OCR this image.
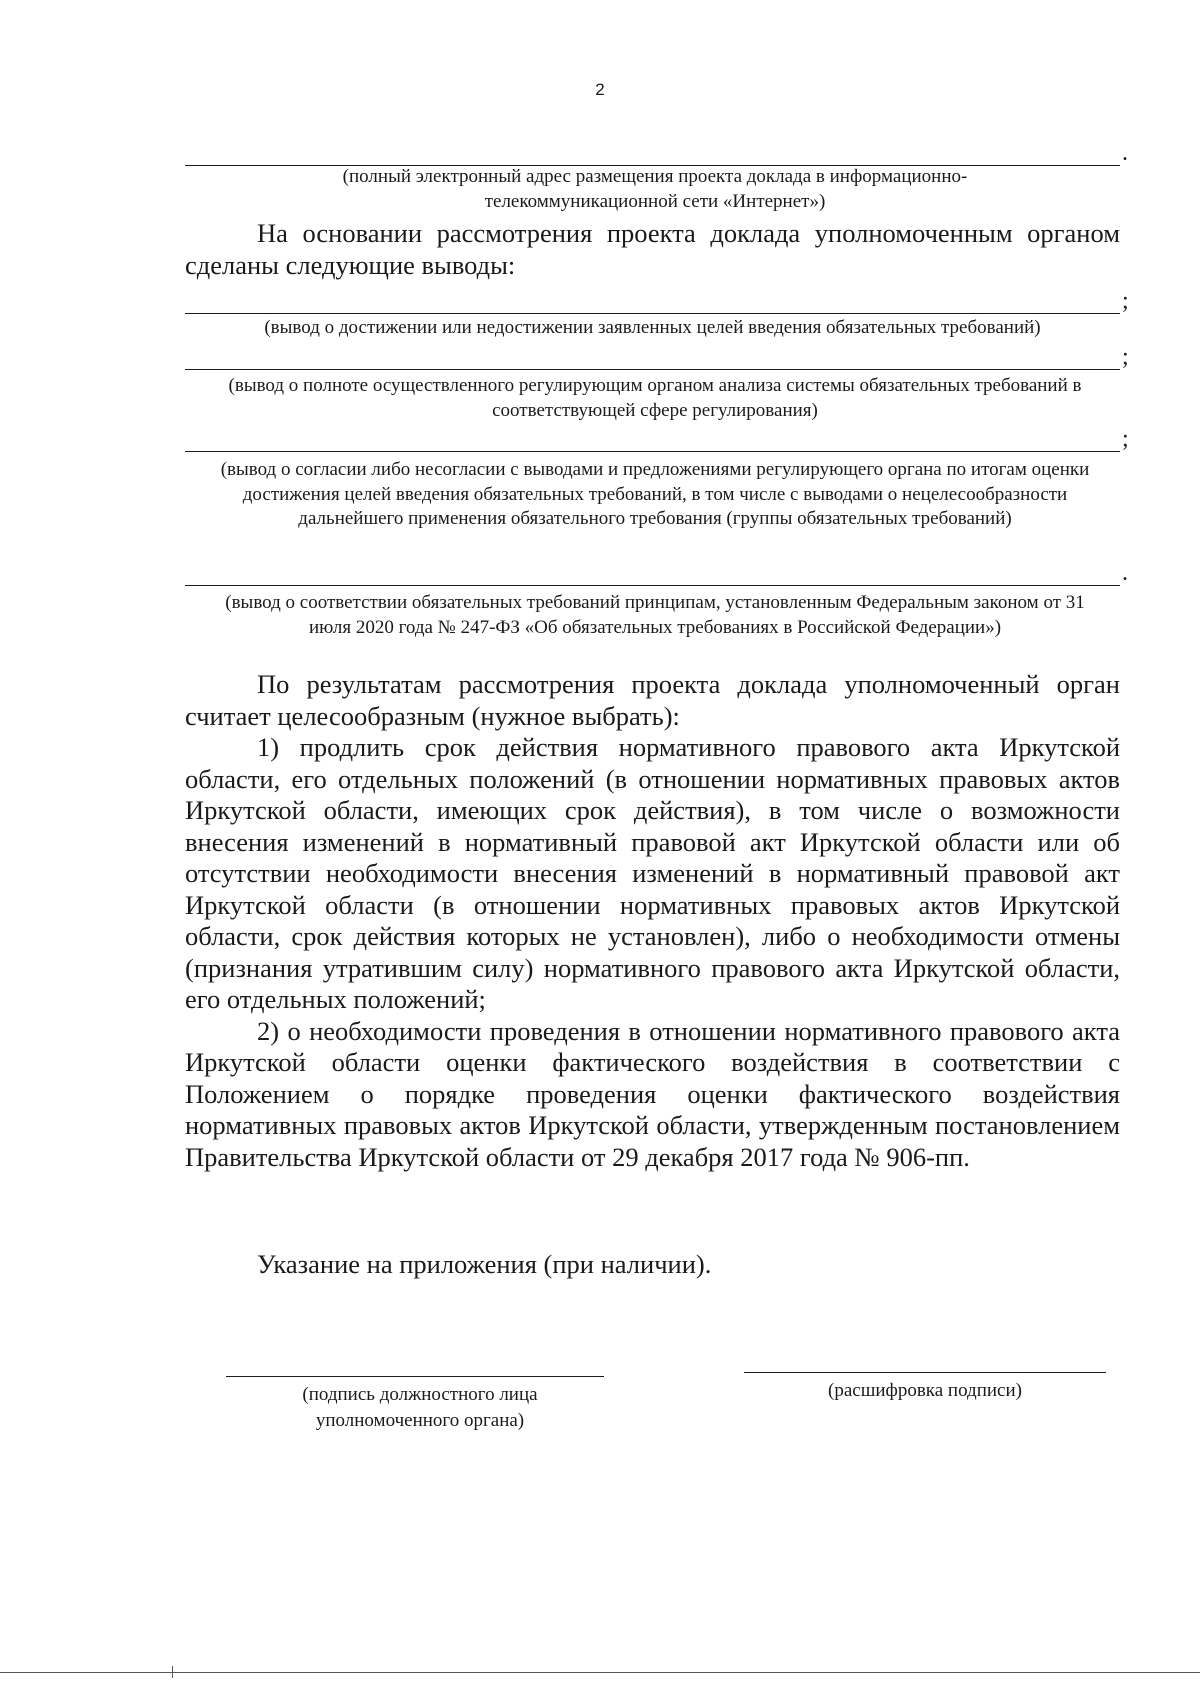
2
.
(полный электронный адрес размещения проекта доклада в информационно-телекоммуникационной сети «Интернет»)

На основании рассмотрения проекта доклада уполномоченным органом сделаны следующие выводы:

;
(вывод о достижении или недостижении заявленных целей введения обязательных требований)
;
(вывод о полноте осуществленного регулирующим органом анализа системы обязательных требований в соответствующей сфере регулирования)
;
(вывод о согласии либо несогласии с выводами и предложениями регулирующего органа по итогам оценки достижения целей введения обязательных требований, в том числе с выводами о нецелесообразности дальнейшего применения обязательного требования (группы обязательных требований)
.
(вывод о соответствии обязательных требований принципам, установленным Федеральным законом от 31 июля 2020 года № 247-ФЗ «Об обязательных требованиях в Российской Федерации»)

По результатам рассмотрения проекта доклада уполномоченный орган считает целесообразным (нужное выбрать):

1) продлить срок действия нормативного правового акта Иркутской области, его отдельных положений (в отношении нормативных правовых актов Иркутской области, имеющих срок действия), в том числе о возможности внесения изменений в нормативный правовой акт Иркутской области или об отсутствии необходимости внесения изменений в нормативный правовой акт Иркутской области (в отношении нормативных правовых актов Иркутской области, срок действия которых не установлен), либо о необходимости отмены (признания утратившим силу) нормативного правового акта Иркутской области, его отдельных положений;

2) о необходимости проведения в отношении нормативного правового акта Иркутской области оценки фактического воздействия в соответствии с Положением о порядке проведения оценки фактического воздействия нормативных правовых актов Иркутской области, утвержденным постановлением Правительства Иркутской области от 29 декабря 2017 года № 906-пп.

Указание на приложения (при наличии).

(подпись должностного лица уполномоченного органа)
(расшифровка подписи)
